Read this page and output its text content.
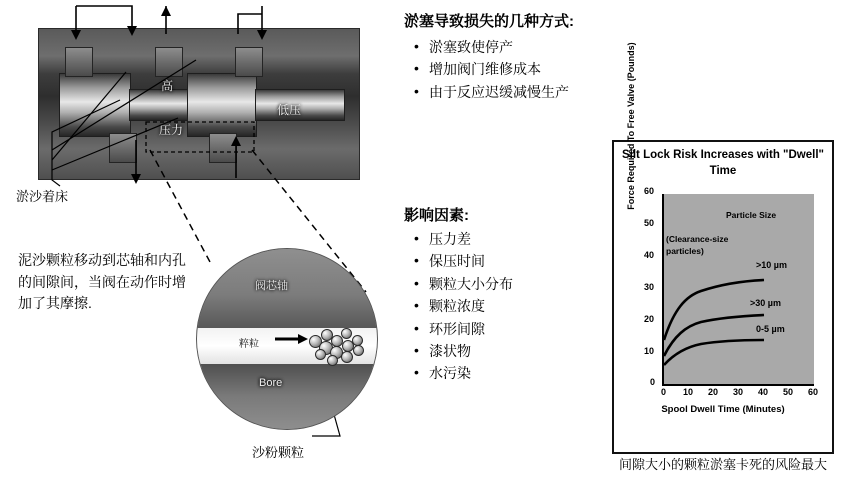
高
压力
低压
淤沙着床
泥沙颗粒移动到芯轴和内孔的间隙间，当阀在动作时增加了其摩擦.
阀芯轴
粹粒
Bore
沙粉颗粒
淤塞导致损失的几种方式:
• 淤塞致使停产
• 增加阀门维修成本
• 由于反应迟缓减慢生产
影响因素:
• 压力差
• 保压时间
• 颗粒大小分布
• 颗粒浓度
• 环形间隙
• 漆状物
• 水污染
Silt Lock Risk Increases with "Dwell" Time
Force Required To Free Valve (Pounds) 60
50
40
30
20
10
0
0 10 20 30 40 50 60
Particle Size
(Clearance-size
particles)
>10 µm
>30 µm
0-5 µm
Spool Dwell Time (Minutes)
间隙大小的颗粒淤塞卡死的风险最大
